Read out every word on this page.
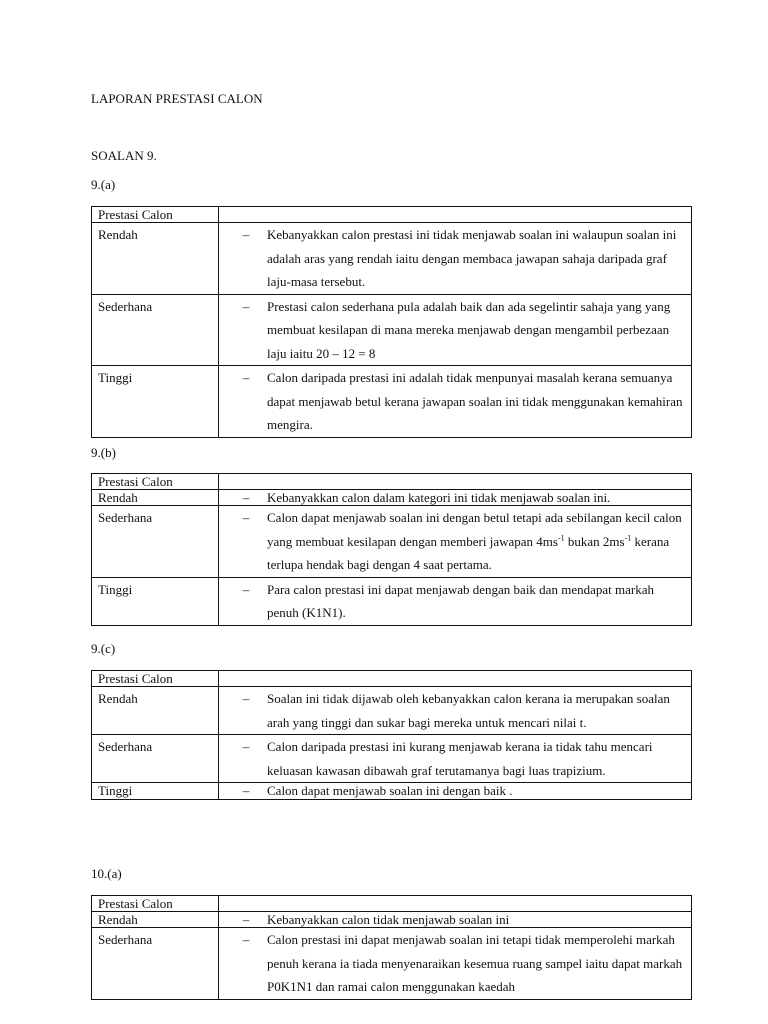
LAPORAN PRESTASI CALON
SOALAN 9.

9.(a)

Prestasi Calon	
Rendah	– Kebanyakkan calon prestasi ini tidak menjawab soalan ini walaupun soalan ini adalah aras yang rendah iaitu dengan membaca jawapan sahaja daripada graf laju-masa tersebut.

Sederhana	– Prestasi calon sederhana pula adalah baik dan ada segelintir sahaja yang yang membuat kesilapan di mana mereka menjawab dengan mengambil perbezaan laju iaitu 20 – 12 = 8

Tinggi	– Calon daripada prestasi ini adalah tidak menpunyai masalah kerana semuanya dapat menjawab betul kerana jawapan soalan ini tidak menggunakan kemahiran mengira.

9.(b)

Prestasi Calon	
Rendah	– Kebanyakkan calon dalam kategori ini tidak menjawab soalan ini.

Sederhana	– Calon dapat menjawab soalan ini dengan betul tetapi ada sebilangan kecil calon yang membuat kesilapan dengan memberi jawapan $4ms^{-1}$ bukan $2ms^{-1}$ kerana terlupa hendak bagi dengan 4 saat pertama.

Tinggi	– Para calon prestasi ini dapat menjawab dengan baik dan mendapat markah penuh (K1N1).

9.(c)

Prestasi Calon	
Rendah	– Soalan ini tidak dijawab oleh kebanyakkan calon kerana ia merupakan soalan arah yang tinggi dan sukar bagi mereka untuk mencari nilai t.

Sederhana	– Calon daripada prestasi ini kurang menjawab kerana ia tidak tahu mencari keluasan kawasan dibawah graf terutamanya bagi luas trapizium.

Tinggi	– Calon dapat menjawab soalan ini dengan baik .

10.(a)

Prestasi Calon	
Rendah	– Kebanyakkan calon tidak menjawab soalan ini

Sederhana	– Calon prestasi ini dapat menjawab soalan ini tetapi tidak memperolehi markah penuh kerana ia tiada menyenaraikan kesemua ruang sampel iaitu dapat markah P0K1N1 dan ramai calon menggunakan kaedah
